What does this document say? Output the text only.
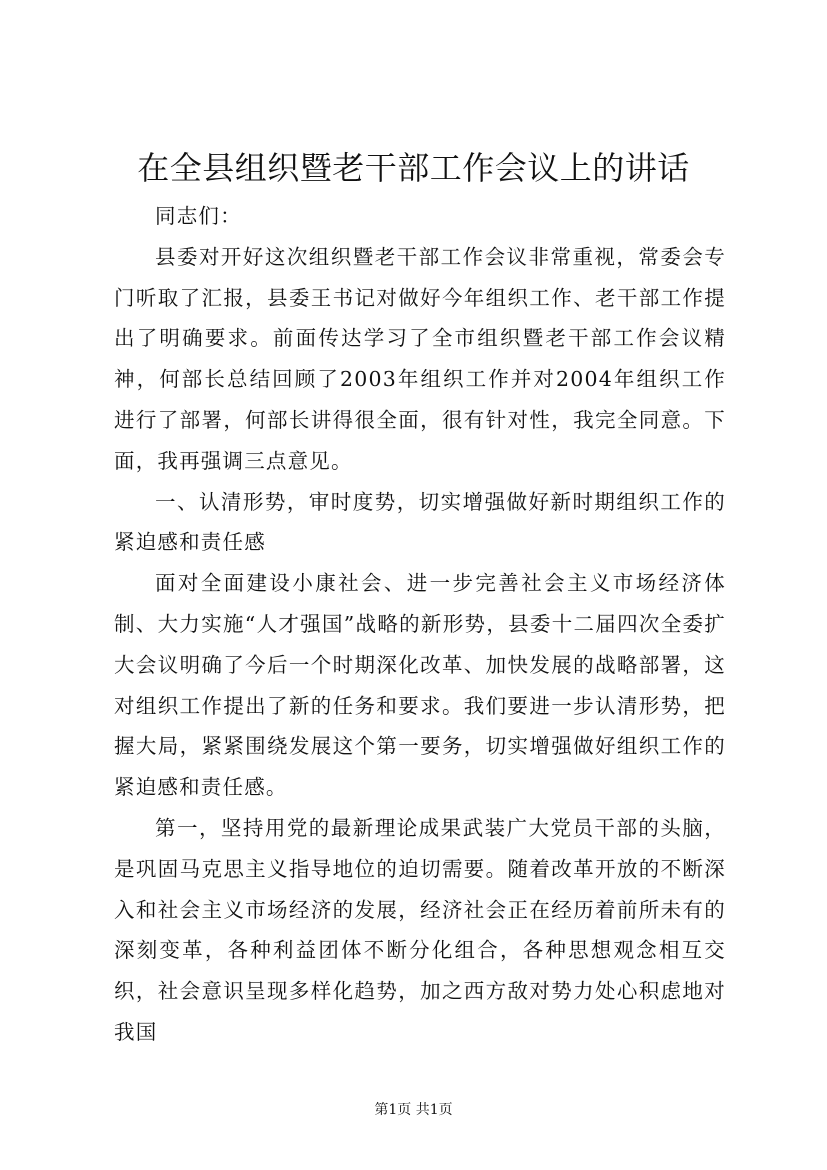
在全县组织暨老干部工作会议上的讲话

同志们：

县委对开好这次组织暨老干部工作会议非常重视，常委会专门听取了汇报，县委王书记对做好今年组织工作、老干部工作提出了明确要求。前面传达学习了全市组织暨老干部工作会议精神，何部长总结回顾了2003年组织工作并对2004年组织工作进行了部署，何部长讲得很全面，很有针对性，我完全同意。下面，我再强调三点意见。

一、认清形势，审时度势，切实增强做好新时期组织工作的紧迫感和责任感

面对全面建设小康社会、进一步完善社会主义市场经济体制、大力实施“人才强国”战略的新形势，县委十二届四次全委扩大会议明确了今后一个时期深化改革、加快发展的战略部署，这对组织工作提出了新的任务和要求。我们要进一步认清形势，把握大局，紧紧围绕发展这个第一要务，切实增强做好组织工作的紧迫感和责任感。

第一，坚持用党的最新理论成果武装广大党员干部的头脑，是巩固马克思主义指导地位的迫切需要。随着改革开放的不断深入和社会主义市场经济的发展，经济社会正在经历着前所未有的深刻变革，各种利益团体不断分化组合，各种思想观念相互交织，社会意识呈现多样化趋势，加之西方敌对势力处心积虑地对我国

第1页 共1页
